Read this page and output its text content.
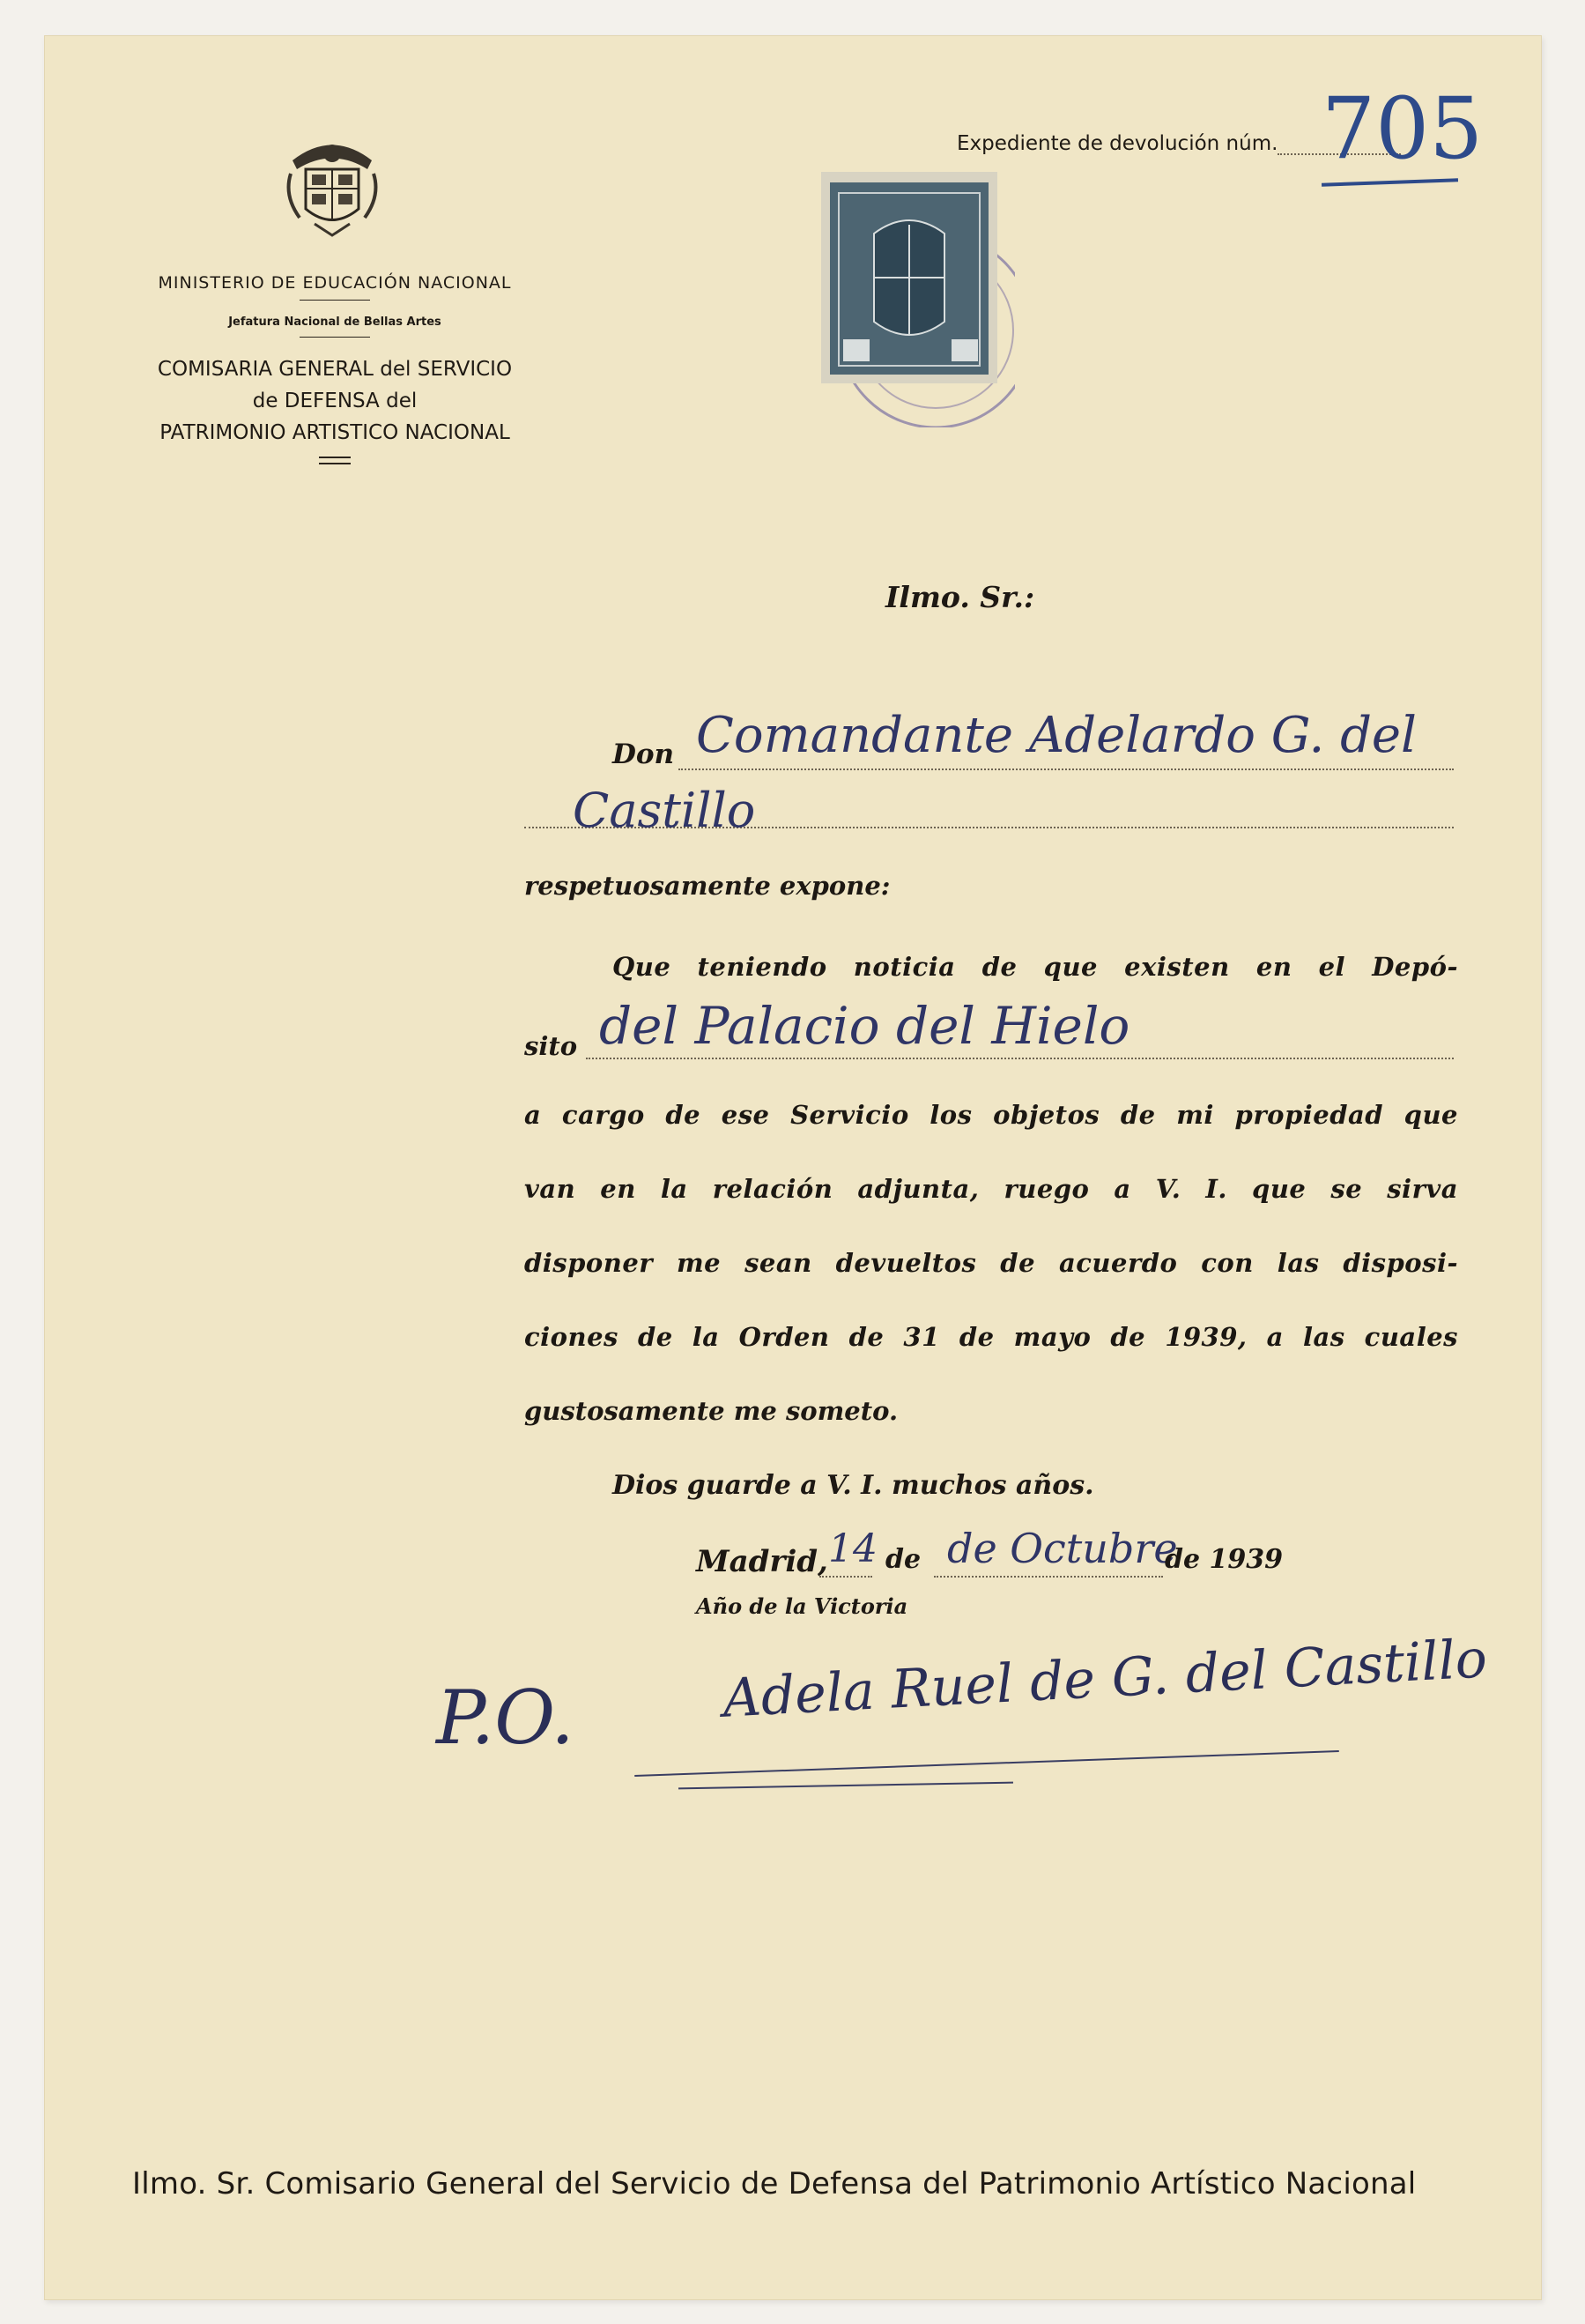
MINISTERIO DE EDUCACIÓN NACIONAL
Jefatura Nacional de Bellas Artes
COMISARIA GENERAL del SERVICIO
de DEFENSA del
PATRIMONIO ARTISTICO NACIONAL
Expediente de devolución núm. 705
Ilmo. Sr.:
Don Comandante Adelardo G. del
Castillo
respetuosamente expone:
Que teniendo noticia de que existen en el Depó-
sito del Palacio del Hielo
a cargo de ese Servicio los objetos de mi propiedad que
van en la relación adjunta, ruego a V. I. que se sirva
disponer me sean devueltos de acuerdo con las disposi-
ciones de la Orden de 31 de mayo de 1939, a las cuales
gustosamente me someto.
Dios guarde a V. I. muchos años.
Madrid, 14 de de Octubre
de 1939
Año de la Victoria
P.O.	Adela Ruel de G. del Castillo
Ilmo. Sr. Comisario General del Servicio de Defensa del Patrimonio Artístico Nacional
